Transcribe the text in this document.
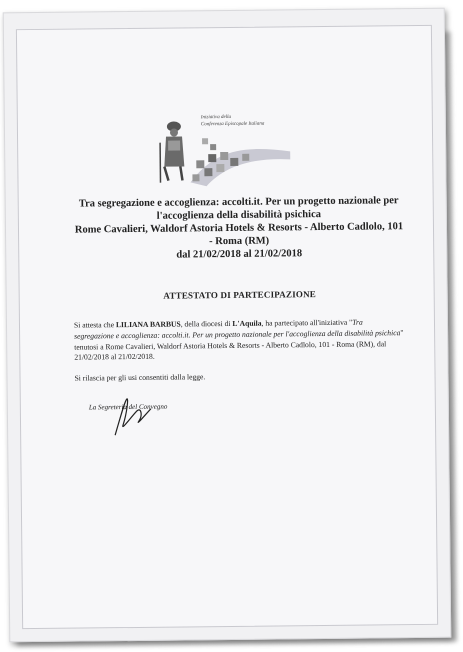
Iniziativa della
Conferenza Episcopale Italiana
Tra segregazione e accoglienza: accolti.it. Per un progetto nazionale per
l'accoglienza della disabilità psichica
Rome Cavalieri, Waldorf Astoria Hotels & Resorts - Alberto Cadlolo, 101
- Roma (RM)
dal 21/02/2018 al 21/02/2018
ATTESTATO DI PARTECIPAZIONE

Si attesta che LILIANA BARBUS, della diocesi di L'Aquila, ha partecipato all'iniziativa "Tra segregazione e accoglienza: accolti.it. Per un progetto nazionale per l'accoglienza della disabilità psichica" tenutosi a Rome Cavalieri, Waldorf Astoria Hotels & Resorts - Alberto Cadlolo, 101 - Roma (RM), dal 21/02/2018 al 21/02/2018.

Si rilascia per gli usi consentiti dalla legge.

La Segreteria del Convegno
